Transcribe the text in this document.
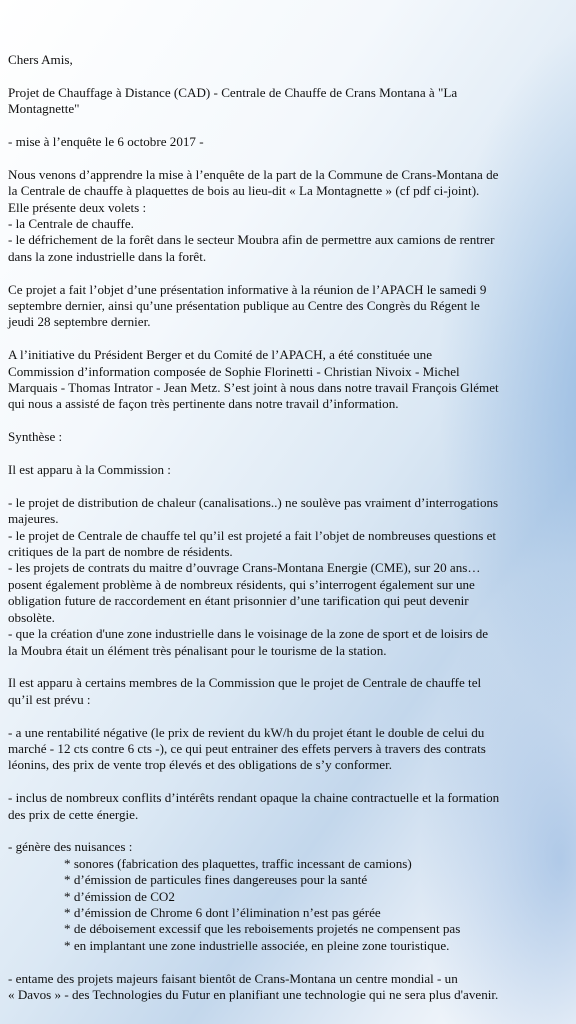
Chers Amis,

Projet de Chauffage à Distance (CAD) - Centrale de Chauffe de Crans Montana à "La

Montagnette"

- mise à l’enquête le 6 octobre 2017 -

Nous venons d’apprendre la mise à l’enquête de la part de la Commune de Crans-Montana de

la Centrale de chauffe à plaquettes de bois au lieu-dit « La Montagnette » (cf pdf ci-joint).

Elle présente deux volets :

- la Centrale de chauffe.

- le défrichement de la forêt dans le secteur Moubra afin de permettre aux camions de rentrer

dans la zone industrielle dans la forêt.

Ce projet a fait l’objet d’une présentation informative à la réunion de l’APACH le samedi 9

septembre dernier, ainsi qu’une présentation publique au Centre des Congrès du Régent le

jeudi 28 septembre dernier.

A l’initiative du Président Berger et du Comité de l’APACH, a été constituée une

Commission d’information composée de Sophie Florinetti - Christian Nivoix - Michel

Marquais - Thomas Intrator - Jean Metz. S’est joint à nous dans notre travail François Glémet

qui nous a assisté de façon très pertinente dans notre travail d’information.

Synthèse :

Il est apparu à la Commission :

- le projet de distribution de chaleur (canalisations..) ne soulève pas vraiment d’interrogations

majeures.

- le projet de Centrale de chauffe tel qu’il est projeté a fait l’objet de nombreuses questions et

critiques de la part de nombre de résidents.

- les projets de contrats du maitre d’ouvrage Crans-Montana Energie (CME), sur 20 ans…

posent également problème à de nombreux résidents, qui s’interrogent également sur une

obligation future de raccordement en étant prisonnier d’une tarification qui peut devenir

obsolète.

- que la création d'une zone industrielle dans le voisinage de la zone de sport et de loisirs de

la Moubra était un élément très pénalisant pour le tourisme de la station.

Il est apparu à certains membres de la Commission que le projet de Centrale de chauffe tel

qu’il est prévu :

- a une rentabilité négative (le prix de revient du kW/h du projet étant le double de celui du

marché - 12 cts contre 6 cts -), ce qui peut entrainer des effets pervers à travers des contrats

léonins, des prix de vente trop élevés et des obligations de s’y conformer.

- inclus de nombreux conflits d’intérêts rendant opaque la chaine contractuelle et la formation

des prix de cette énergie.

- génère des nuisances :

* sonores (fabrication des plaquettes, traffic incessant de camions)

* d’émission de particules fines dangereuses pour la santé

* d’émission de CO2

* d’émission de Chrome 6 dont l’élimination n’est pas gérée

* de déboisement excessif que les reboisements projetés ne compensent pas

* en implantant une zone industrielle associée, en pleine zone touristique.

- entame des projets majeurs faisant bientôt de Crans-Montana un centre mondial - un

« Davos » - des Technologies du Futur en planifiant une technologie qui ne sera plus d'avenir.
